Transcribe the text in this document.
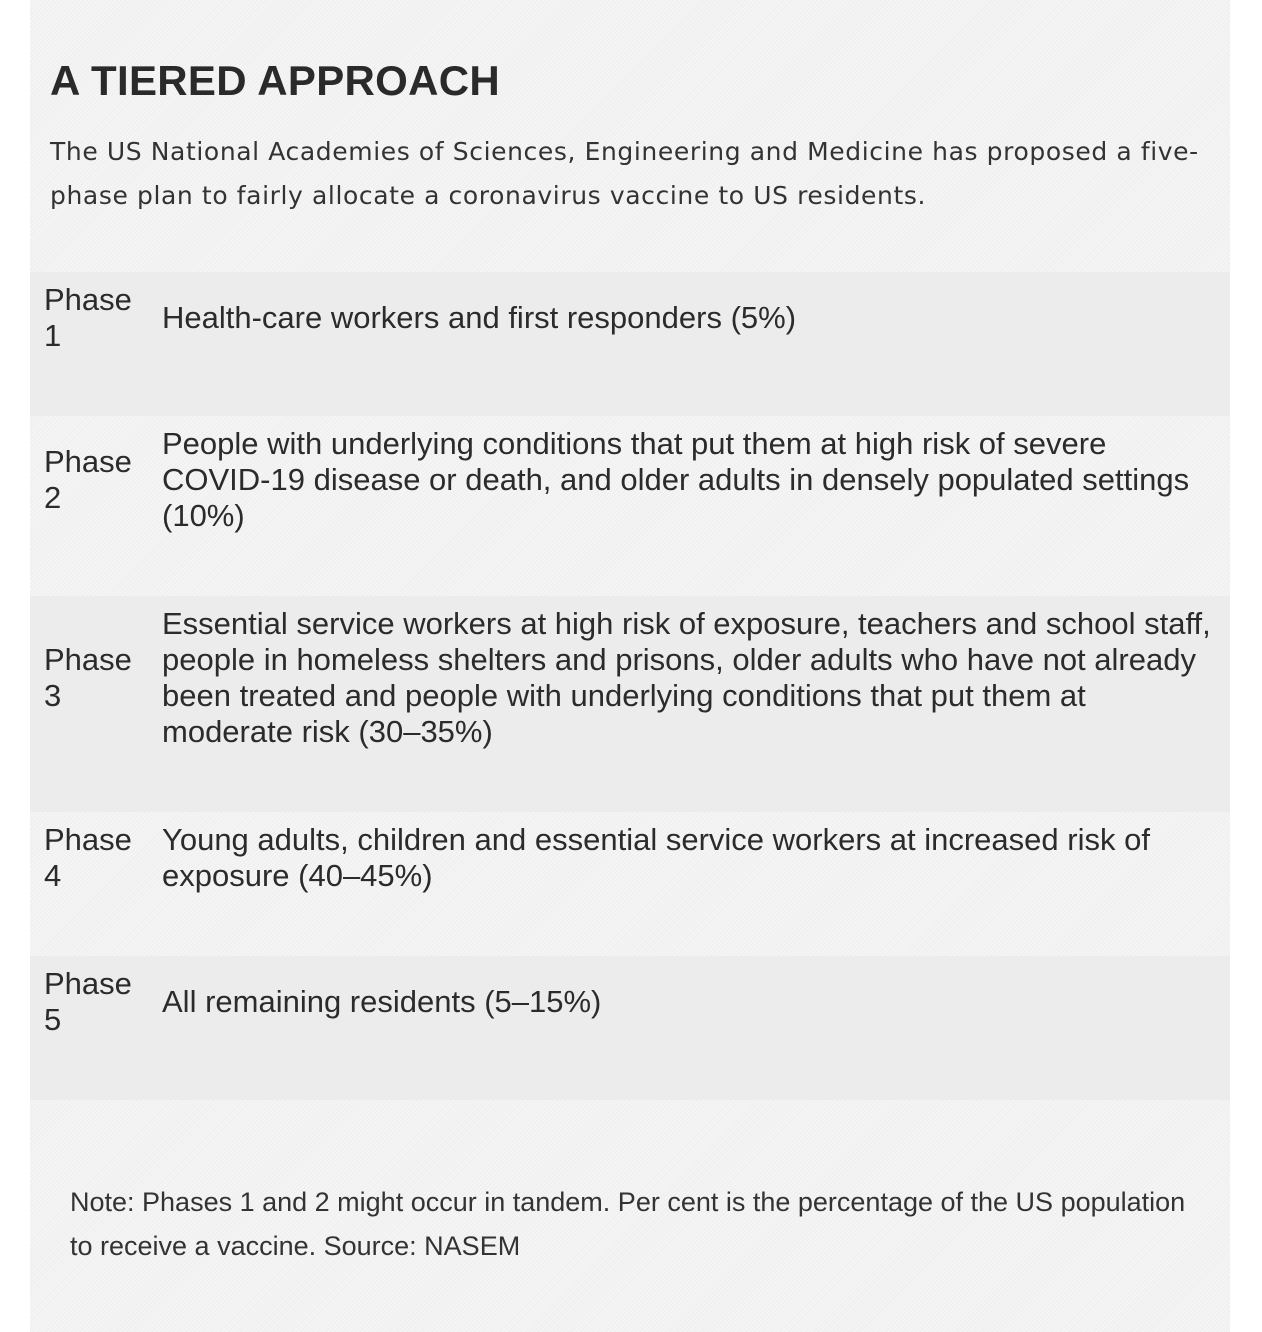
A TIERED APPROACH

The US National Academies of Sciences, Engineering and Medicine has proposed a five-phase plan to fairly allocate a coronavirus vaccine to US residents.

Phase
1
Health-care workers and first responders (5%)
Phase
2
People with underlying conditions that put them at high risk of severe COVID-19 disease or death, and older adults in densely populated settings (10%)
Phase
3
Essential service workers at high risk of exposure, teachers and school staff, people in homeless shelters and prisons, older adults who have not already been treated and people with underlying conditions that put them at moderate risk (30–35%)
Phase
4
Young adults, children and essential service workers at increased risk of exposure (40–45%)
Phase
5
All remaining residents (5–15%)

Note: Phases 1 and 2 might occur in tandem. Per cent is the percentage of the US population to receive a vaccine. Source: NASEM
